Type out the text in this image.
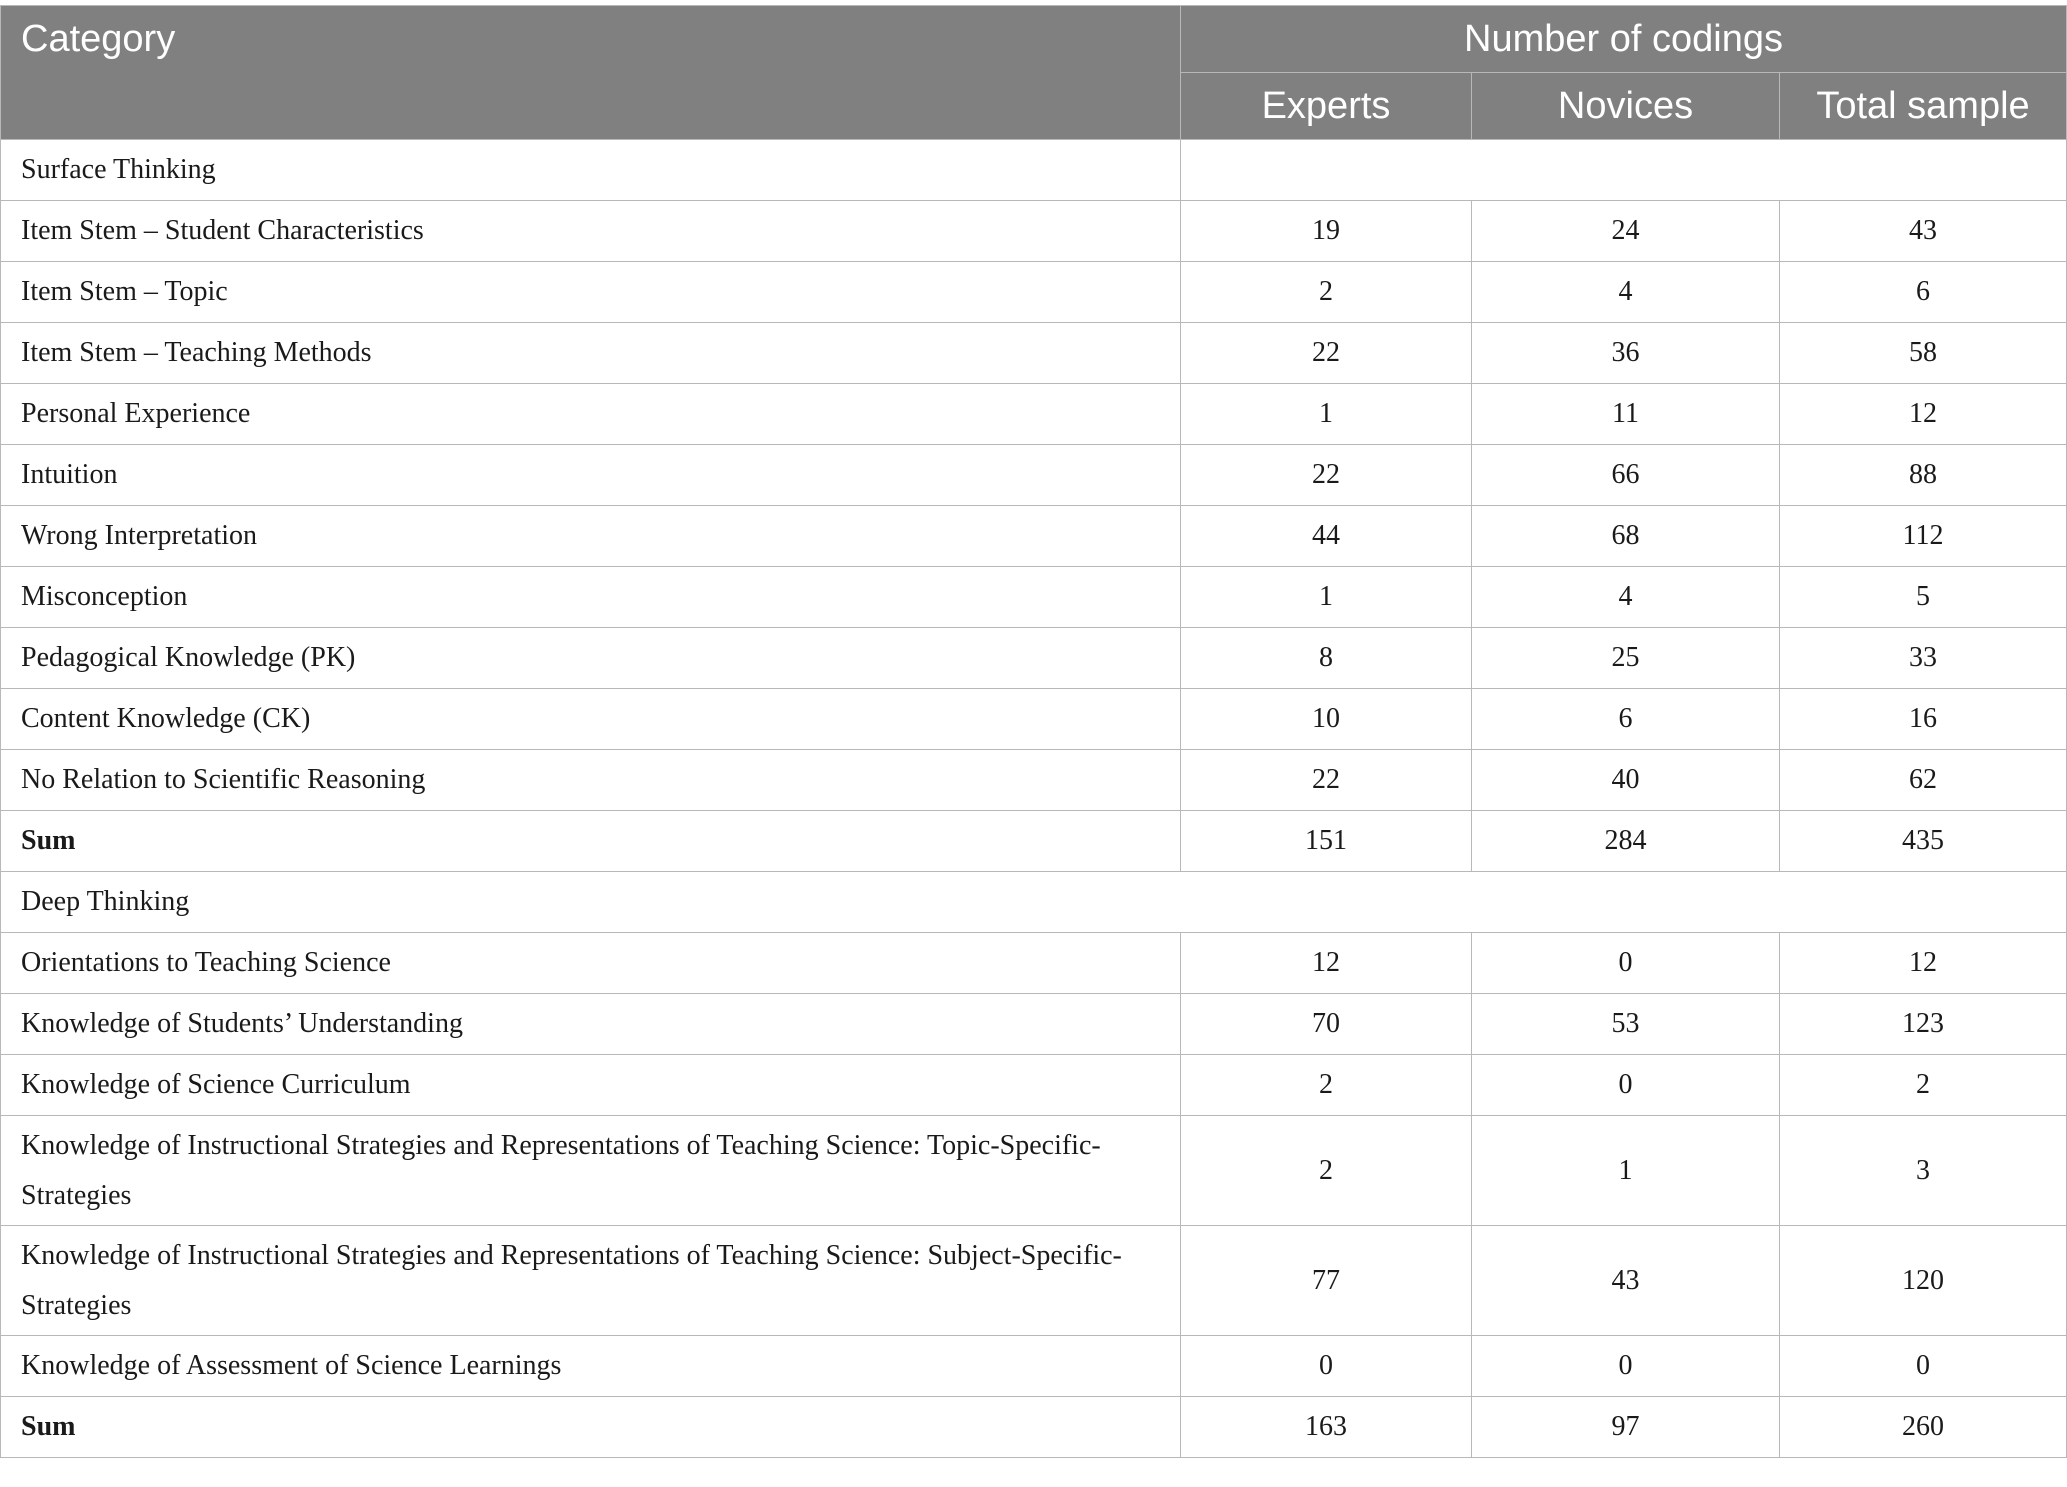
Category	Number of codings		
	Experts	Novices	Total sample
Surface Thinking			
Item Stem – Student Characteristics	19	24	43
Item Stem – Topic	2	4	6
Item Stem – Teaching Methods	22	36	58
Personal Experience	1	11	12
Intuition	22	66	88
Wrong Interpretation	44	68	112
Misconception	1	4	5
Pedagogical Knowledge (PK)	8	25	33
Content Knowledge (CK)	10	6	16
No Relation to Scientific Reasoning	22	40	62
Sum	151	284	435
Deep Thinking			
Orientations to Teaching Science	12	0	12
Knowledge of Students’ Understanding	70	53	123
Knowledge of Science Curriculum	2	0	2
Knowledge of Instructional Strategies and Representations of Teaching Science: Topic-Specific-Strategies	2	1	3
Knowledge of Instructional Strategies and Representations of Teaching Science: Subject-Specific-Strategies	77	43	120
Knowledge of Assessment of Science Learnings	0	0	0
Sum	163	97	260
